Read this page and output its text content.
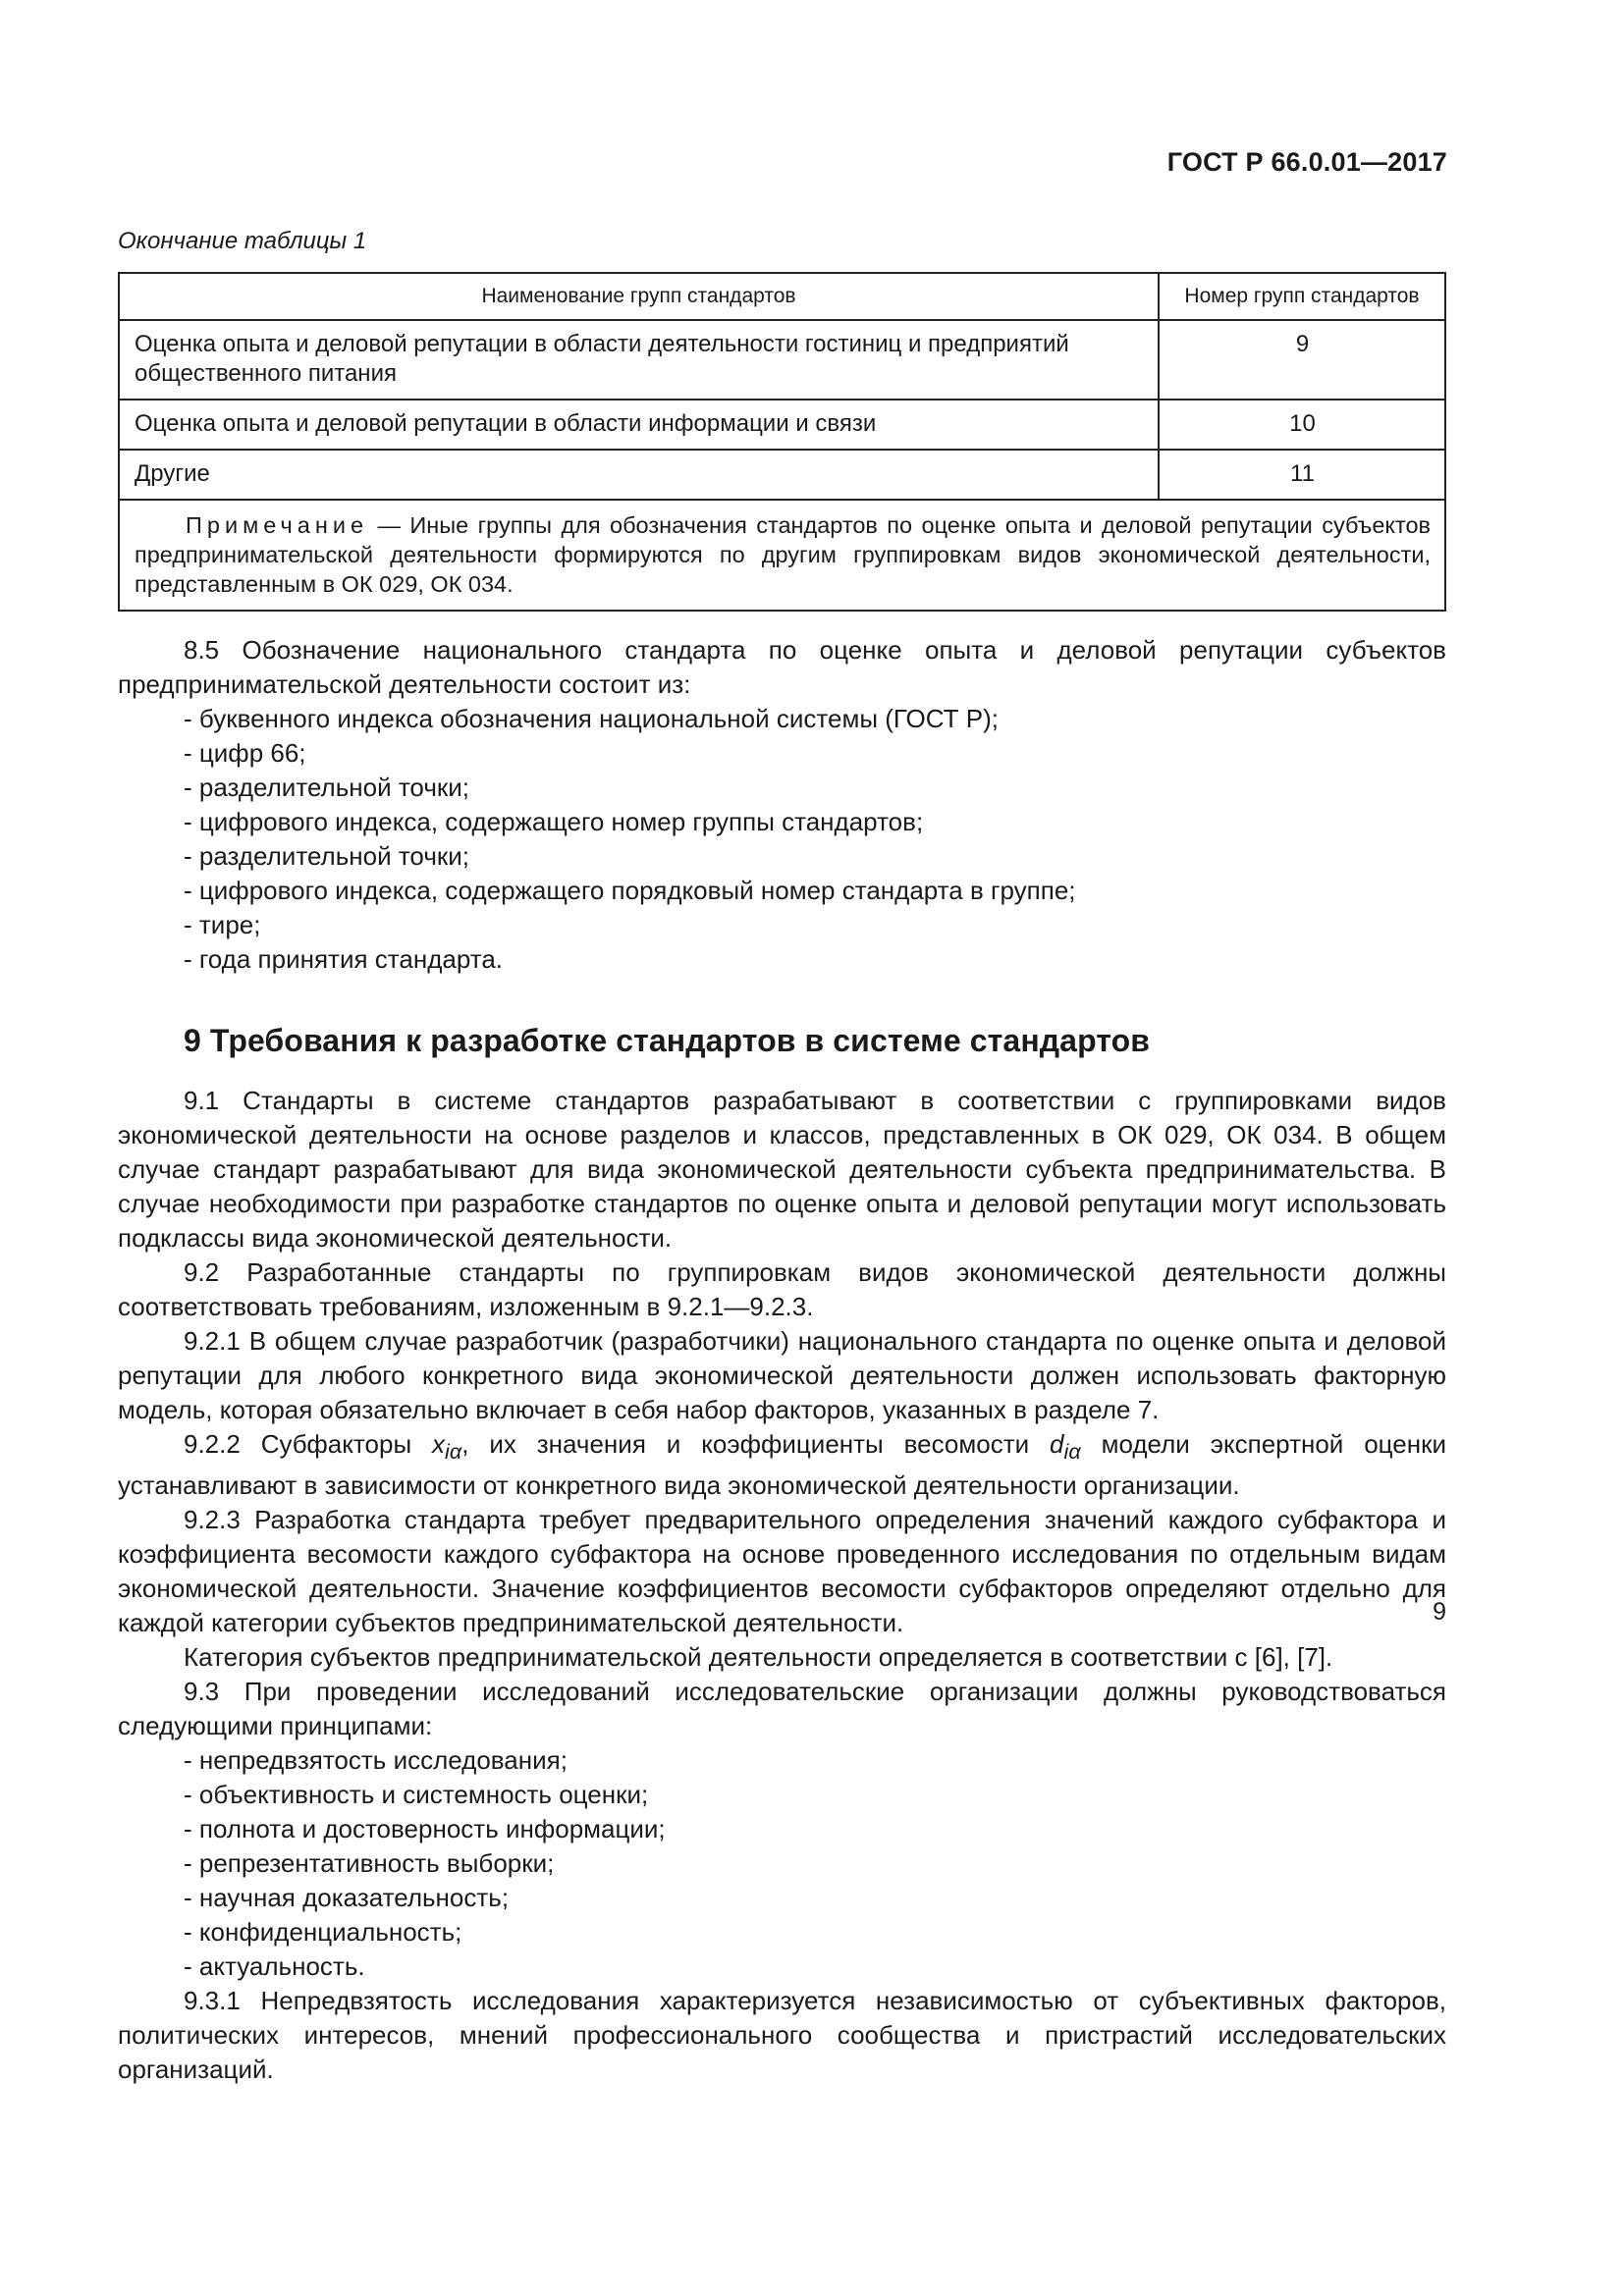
ГОСТ Р 66.0.01—2017
Окончание таблицы 1
Наименование групп стандартов	Номер групп стандартов
Оценка опыта и деловой репутации в области деятельности гостиниц и предприятий общественного питания	9
Оценка опыта и деловой репутации в области информации и связи	10
Другие	11
Примечание — Иные группы для обозначения стандартов по оценке опыта и деловой репутации субъектов предпринимательской деятельности формируются по другим группировкам видов экономической деятельности, представленным в ОК 029, ОК 034.	

8.5 Обозначение национального стандарта по оценке опыта и деловой репутации субъектов предпринимательской деятельности состоит из:

- буквенного индекса обозначения национальной системы (ГОСТ Р);

- цифр 66;

- разделительной точки;

- цифрового индекса, содержащего номер группы стандартов;

- разделительной точки;

- цифрового индекса, содержащего порядковый номер стандарта в группе;

- тире;

- года принятия стандарта.

9 Требования к разработке стандартов в системе стандартов

9.1 Стандарты в системе стандартов разрабатывают в соответствии с группировками видов экономической деятельности на основе разделов и классов, представленных в ОК 029, ОК 034. В общем случае стандарт разрабатывают для вида экономической деятельности субъекта предпринимательства. В случае необходимости при разработке стандартов по оценке опыта и деловой репутации могут использовать подклассы вида экономической деятельности.

9.2 Разработанные стандарты по группировкам видов экономической деятельности должны соответствовать требованиям, изложенным в 9.2.1—9.2.3.

9.2.1 В общем случае разработчик (разработчики) национального стандарта по оценке опыта и деловой репутации для любого конкретного вида экономической деятельности должен использовать факторную модель, которая обязательно включает в себя набор факторов, указанных в разделе 7.

9.2.2 Субфакторы $x_{i\alpha}$, их значения и коэффициенты весомости $d_{i\alpha}$ модели экспертной оценки устанавливают в зависимости от конкретного вида экономической деятельности организации.

9.2.3 Разработка стандарта требует предварительного определения значений каждого субфактора и коэффициента весомости каждого субфактора на основе проведенного исследования по отдельным видам экономической деятельности. Значение коэффициентов весомости субфакторов определяют отдельно для каждой категории субъектов предпринимательской деятельности.

Категория субъектов предпринимательской деятельности определяется в соответствии с [6], [7].

9.3 При проведении исследований исследовательские организации должны руководствоваться следующими принципами:

- непредвзятость исследования;

- объективность и системность оценки;

- полнота и достоверность информации;

- репрезентативность выборки;

- научная доказательность;

- конфиденциальность;

- актуальность.

9.3.1 Непредвзятость исследования характеризуется независимостью от субъективных факторов, политических интересов, мнений профессионального сообщества и пристрастий исследовательских организаций.

9
